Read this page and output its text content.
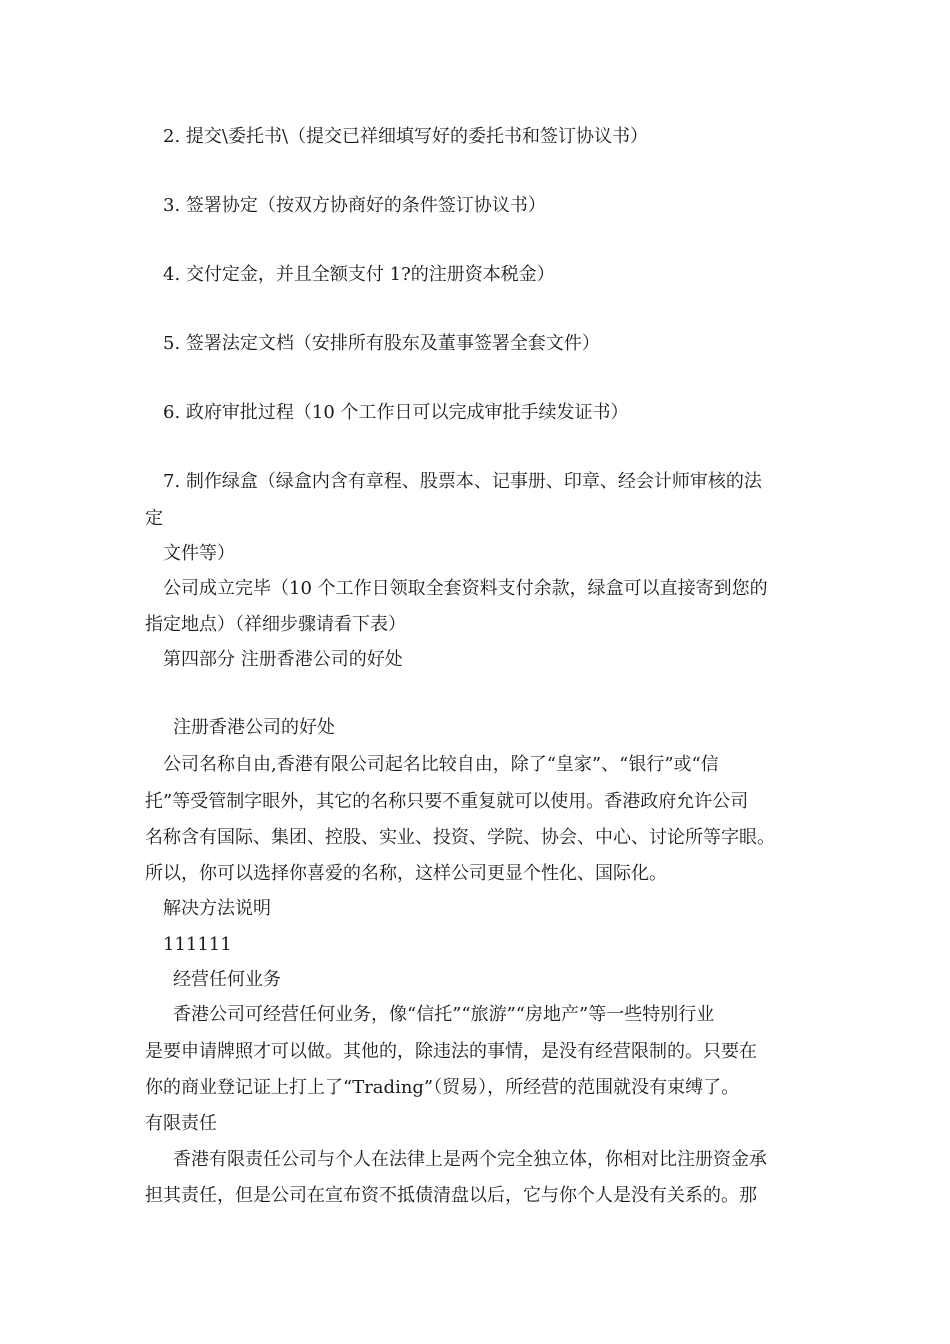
2. 提交\委托书\（提交已祥细填写好的委托书和签订协议书）
3. 签署协定（按双方协商好的条件签订协议书）
4. 交付定金，并且全额支付 1?的注册资本税金）
5. 签署法定文档（安排所有股东及董事签署全套文件）
6. 政府审批过程（10 个工作日可以完成审批手续发证书）
7. 制作绿盒（绿盒内含有章程、股票本、记事册、印章、经会计师审核的法
定
文件等）
公司成立完毕（10 个工作日领取全套资料支付余款，绿盒可以直接寄到您的
指定地点）（祥细步骤请看下表）
第四部分 注册香港公司的好处
注册香港公司的好处
公司名称自由,香港有限公司起名比较自由，除了“皇家”、“银行”或“信
托”等受管制字眼外，其它的名称只要不重复就可以使用。香港政府允许公司
名称含有国际、集团、控股、实业、投资、学院、协会、中心、讨论所等字眼。
所以，你可以选择你喜爱的名称，这样公司更显个性化、国际化。
解决方法说明
111111
经营任何业务
香港公司可经营任何业务，像“信托”“旅游”“房地产”等一些特别行业
是要申请牌照才可以做。其他的，除违法的事情，是没有经营限制的。只要在
你的商业登记证上打上了“Trading”（贸易），所经营的范围就没有束缚了。
有限责任
香港有限责任公司与个人在法律上是两个完全独立体，你相对比注册资金承
担其责任，但是公司在宣布资不抵债清盘以后，它与你个人是没有关系的。那
